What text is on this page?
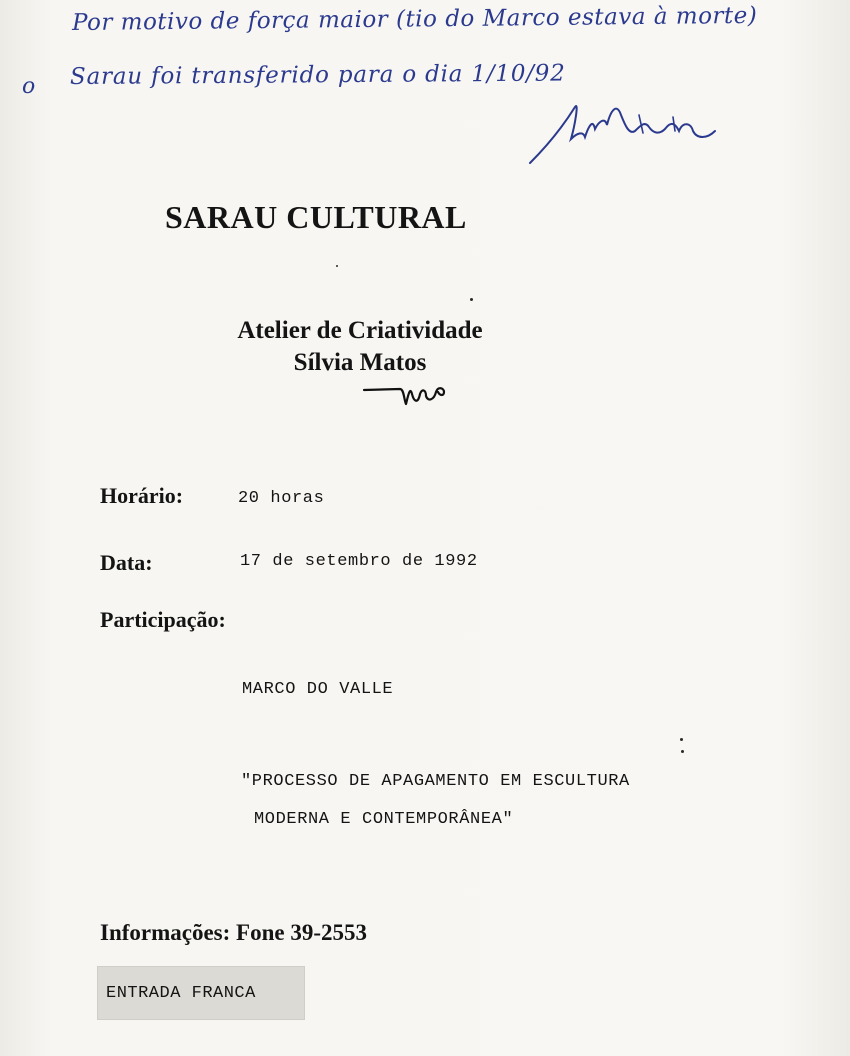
Por motivo de força maior (tio do Marco estava à morte)
o Sarau foi transferido para o dia 1/10/92
SARAU CULTURAL
Atelier de Criatividade
Sílvia Matos
Horário:	20 horas
Data:	17 de setembro de 1992
Participação:
MARCO DO VALLE
"PROCESSO DE APAGAMENTO EM ESCULTURA
MODERNA E CONTEMPORÂNEA"
Informações: Fone 39-2553
ENTRADA FRANCA
